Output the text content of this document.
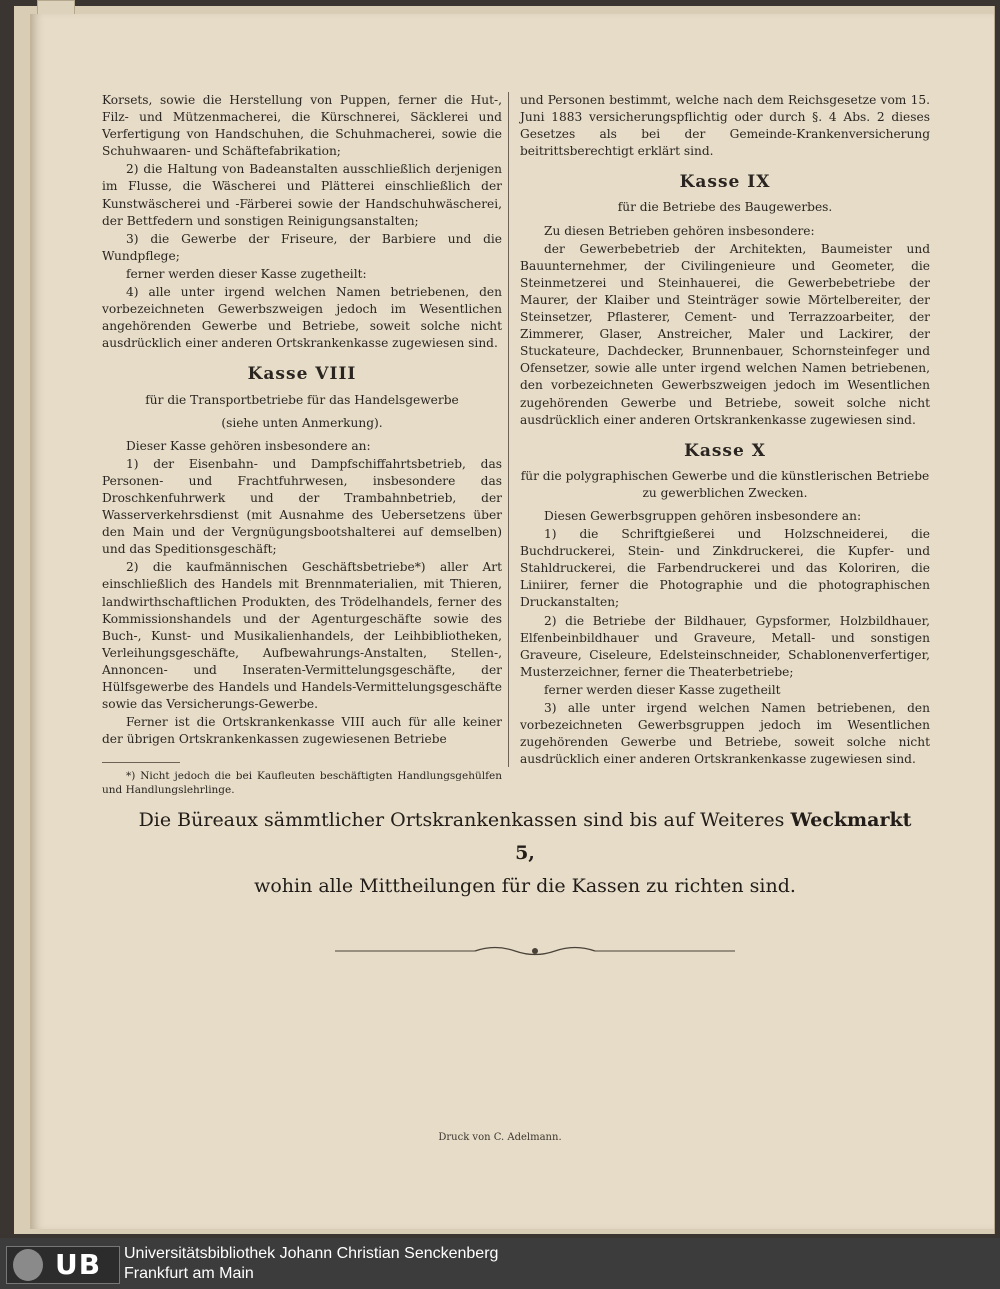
Korsets, sowie die Herstellung von Puppen, ferner die Hut-, Filz- und Mützenmacherei, die Kürschnerei, Säcklerei und Verfertigung von Handschuhen, die Schuhmacherei, sowie die Schuhwaaren- und Schäftefabrikation;

2) die Haltung von Badeanstalten ausschließlich derjenigen im Flusse, die Wäscherei und Plätterei einschließlich der Kunstwäscherei und -Färberei sowie der Handschuhwäscherei, der Bettfedern und sonstigen Reinigungsanstalten;

3) die Gewerbe der Friseure, der Barbiere und die Wundpflege;

ferner werden dieser Kasse zugetheilt:

4) alle unter irgend welchen Namen betriebenen, den vorbezeichneten Gewerbszweigen jedoch im Wesentlichen angehörenden Gewerbe und Betriebe, soweit solche nicht ausdrücklich einer anderen Ortskrankenkasse zugewiesen sind.

Kasse VIII

für die Transportbetriebe für das Handelsgewerbe

(siehe unten Anmerkung).

Dieser Kasse gehören insbesondere an:

1) der Eisenbahn- und Dampfschiffahrtsbetrieb, das Personen- und Frachtfuhrwesen, insbesondere das Droschkenfuhrwerk und der Trambahnbetrieb, der Wasserverkehrsdienst (mit Ausnahme des Uebersetzens über den Main und der Vergnügungsbootshalterei auf demselben) und das Speditionsgeschäft;

2) die kaufmännischen Geschäftsbetriebe*) aller Art einschließlich des Handels mit Brennmaterialien, mit Thieren, landwirthschaftlichen Produkten, des Trödelhandels, ferner des Kommissionshandels und der Agenturgeschäfte sowie des Buch-, Kunst- und Musikalienhandels, der Leihbibliotheken, Verleihungsgeschäfte, Aufbewahrungs-Anstalten, Stellen-, Annoncen- und Inseraten-Vermittelungsgeschäfte, der Hülfsgewerbe des Handels und Handels-Vermittelungsgeschäfte sowie das Versicherungs-Gewerbe.

Ferner ist die Ortskrankenkasse VIII auch für alle keiner der übrigen Ortskrankenkassen zugewiesenen Betriebe

*) Nicht jedoch die bei Kaufleuten beschäftigten Handlungsgehülfen und Handlungslehrlinge.

und Personen bestimmt, welche nach dem Reichsgesetze vom 15. Juni 1883 versicherungspflichtig oder durch §. 4 Abs. 2 dieses Gesetzes als bei der Gemeinde-Krankenversicherung beitrittsberechtigt erklärt sind.

Kasse IX

für die Betriebe des Baugewerbes.

Zu diesen Betrieben gehören insbesondere:

der Gewerbebetrieb der Architekten, Baumeister und Bauunternehmer, der Civilingenieure und Geometer, die Steinmetzerei und Steinhauerei, die Gewerbebetriebe der Maurer, der Klaiber und Steinträger sowie Mörtelbereiter, der Steinsetzer, Pflasterer, Cement- und Terrazzoarbeiter, der Zimmerer, Glaser, Anstreicher, Maler und Lackirer, der Stuckateure, Dachdecker, Brunnenbauer, Schornsteinfeger und Ofensetzer, sowie alle unter irgend welchen Namen betriebenen, den vorbezeichneten Gewerbszweigen jedoch im Wesentlichen zugehörenden Gewerbe und Betriebe, soweit solche nicht ausdrücklich einer anderen Ortskrankenkasse zugewiesen sind.

Kasse X

für die polygraphischen Gewerbe und die künstlerischen Betriebe zu gewerblichen Zwecken.

Diesen Gewerbsgruppen gehören insbesondere an:

1) die Schriftgießerei und Holzschneiderei, die Buchdruckerei, Stein- und Zinkdruckerei, die Kupfer- und Stahldruckerei, die Farbendruckerei und das Koloriren, die Liniirer, ferner die Photographie und die photographischen Druckanstalten;

2) die Betriebe der Bildhauer, Gypsformer, Holzbildhauer, Elfenbeinbildhauer und Graveure, Metall- und sonstigen Graveure, Ciseleure, Edelsteinschneider, Schablonenverfertiger, Musterzeichner, ferner die Theaterbetriebe;

ferner werden dieser Kasse zugetheilt

3) alle unter irgend welchen Namen betriebenen, den vorbezeichneten Gewerbsgruppen jedoch im Wesentlichen zugehörenden Gewerbe und Betriebe, soweit solche nicht ausdrücklich einer anderen Ortskrankenkasse zugewiesen sind.

Die Büreaux sämmtlicher Ortskrankenkassen sind bis auf Weiteres Weckmarkt 5,
wohin alle Mittheilungen für die Kassen zu richten sind.
Druck von C. Adelmann.
UB Universitätsbibliothek Johann Christian Senckenberg
Frankfurt am Main
